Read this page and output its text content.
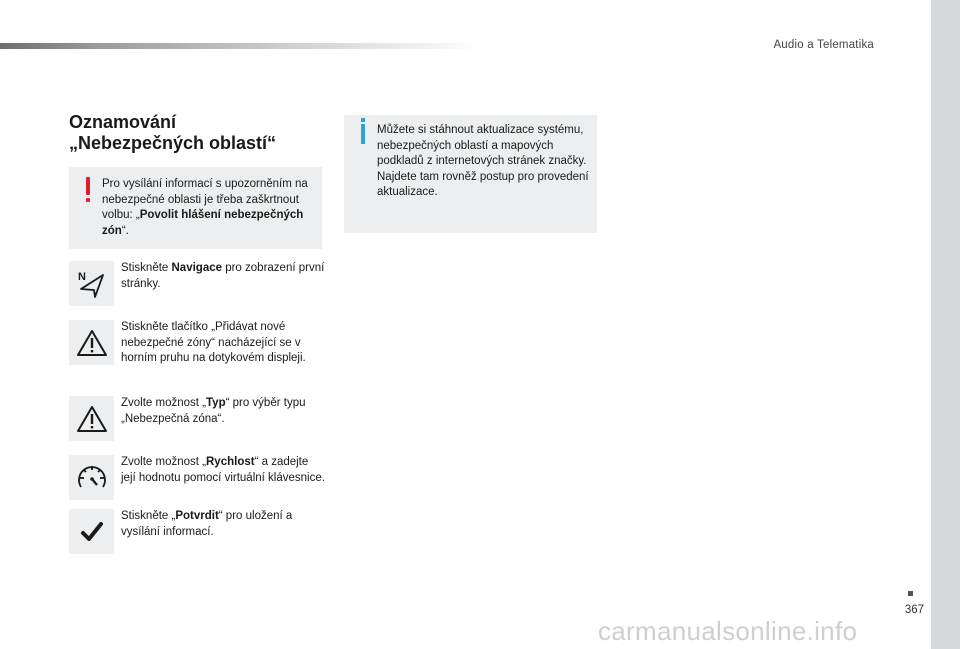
Audio a Telematika
Oznamování
„Nebezpečných oblastí“
Pro vysílání informací s upozorněním na nebezpečné oblasti je třeba zaškrtnout volbu: „Povolit hlášení nebezpečných zón“.
Můžete si stáhnout aktualizace systému, nebezpečných oblastí a mapových podkladů z internetových stránek značky.
Najdete tam rovněž postup pro provedení aktualizace.
N
Stiskněte Navigace pro zobrazení první stránky.
Stiskněte tlačítko „Přidávat nové nebezpečné zóny“ nacházející se v horním pruhu na dotykovém displeji.
Zvolte možnost „Typ“ pro výběr typu „Nebezpečná zóna“.
Zvolte možnost „Rychlost“ a zadejte její hodnotu pomocí virtuální klávesnice.
Stiskněte „Potvrdit“ pro uložení a vysílání informací.
367
carmanualsonline.info
